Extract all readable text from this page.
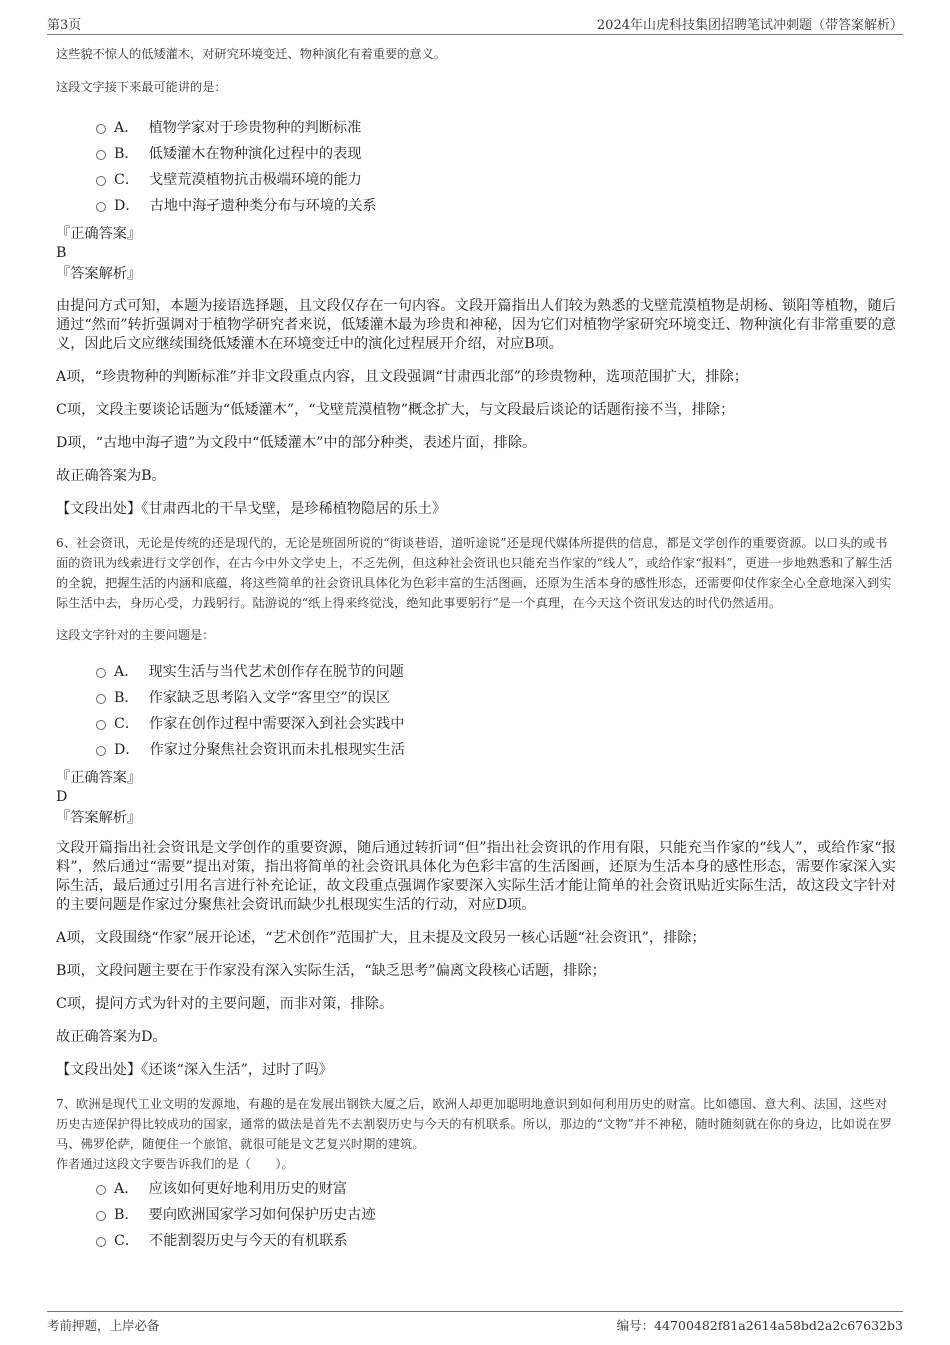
第3页	2024年山虎科技集团招聘笔试冲刺题（带答案解析）

这些貌不惊人的低矮灌木，对研究环境变迁、物种演化有着重要的意义。

这段文字接下来最可能讲的是：

A． 植物学家对于珍贵物种的判断标准
B． 低矮灌木在物种演化过程中的表现
C． 戈壁荒漠植物抗击极端环境的能力
D． 古地中海孑遗种类分布与环境的关系

『正确答案』

B

『答案解析』

由提问方式可知，本题为接语选择题，且文段仅存在一句内容。文段开篇指出人们较为熟悉的戈壁荒漠植物是胡杨、锁阳等植物，随后通过“然而”转折强调对于植物学研究者来说，低矮灌木最为珍贵和神秘，因为它们对植物学家研究环境变迁、物种演化有非常重要的意义，因此后文应继续围绕低矮灌木在环境变迁中的演化过程展开介绍，对应B项。

A项，“珍贵物种的判断标准”并非文段重点内容，且文段强调“甘肃西北部”的珍贵物种，选项范围扩大，排除；

C项，文段主要谈论话题为“低矮灌木”，“戈壁荒漠植物”概念扩大，与文段最后谈论的话题衔接不当，排除；

D项，“古地中海孑遗”为文段中“低矮灌木”中的部分种类，表述片面，排除。

故正确答案为B。

【文段出处】《甘肃西北的干旱戈壁，是珍稀植物隐居的乐土》

6、社会资讯，无论是传统的还是现代的，无论是班固所说的“街谈巷语，道听途说”还是现代媒体所提供的信息，都是文学创作的重要资源。以口头的或书面的资讯为线索进行文学创作，在古今中外文学史上，不乏先例，但这种社会资讯也只能充当作家的“线人”，或给作家“报料”，更进一步地熟悉和了解生活的全貌，把握生活的内涵和底蕴，将这些简单的社会资讯具体化为色彩丰富的生活图画，还原为生活本身的感性形态，还需要仰仗作家全心全意地深入到实际生活中去，身历心受，力践躬行。陆游说的“纸上得来终觉浅，绝知此事要躬行”是一个真理，在今天这个资讯发达的时代仍然适用。

这段文字针对的主要问题是：

A． 现实生活与当代艺术创作存在脱节的问题
B． 作家缺乏思考陷入文学“客里空”的误区
C． 作家在创作过程中需要深入到社会实践中
D． 作家过分聚焦社会资讯而未扎根现实生活

『正确答案』

D

『答案解析』

文段开篇指出社会资讯是文学创作的重要资源，随后通过转折词“但”指出社会资讯的作用有限，只能充当作家的“线人”，或给作家“报料”，然后通过“需要”提出对策，指出将简单的社会资讯具体化为色彩丰富的生活图画，还原为生活本身的感性形态，需要作家深入实际生活，最后通过引用名言进行补充论证，故文段重点强调作家要深入实际生活才能让简单的社会资讯贴近实际生活，故这段文字针对的主要问题是作家过分聚焦社会资讯而缺少扎根现实生活的行动，对应D项。

A项，文段围绕“作家”展开论述，“艺术创作”范围扩大，且未提及文段另一核心话题“社会资讯”，排除；

B项，文段问题主要在于作家没有深入实际生活，“缺乏思考”偏离文段核心话题，排除；

C项，提问方式为针对的主要问题，而非对策，排除。

故正确答案为D。

【文段出处】《还谈“深入生活”，过时了吗》

7、欧洲是现代工业文明的发源地，有趣的是在发展出钢铁大厦之后，欧洲人却更加聪明地意识到如何利用历史的财富。比如德国、意大利、法国，这些对历史古迹保护得比较成功的国家，通常的做法是首先不去割裂历史与今天的有机联系。所以，那边的“文物”并不神秘，随时随刻就在你的身边，比如说在罗马、佛罗伦萨，随便住一个旅馆，就很可能是文艺复兴时期的建筑。

作者通过这段文字要告诉我们的是（　　）。

A． 应该如何更好地利用历史的财富
B． 要向欧洲国家学习如何保护历史古迹
C． 不能割裂历史与今天的有机联系
考前押题，上岸必备	编号：44700482f81a2614a58bd2a2c67632b3
